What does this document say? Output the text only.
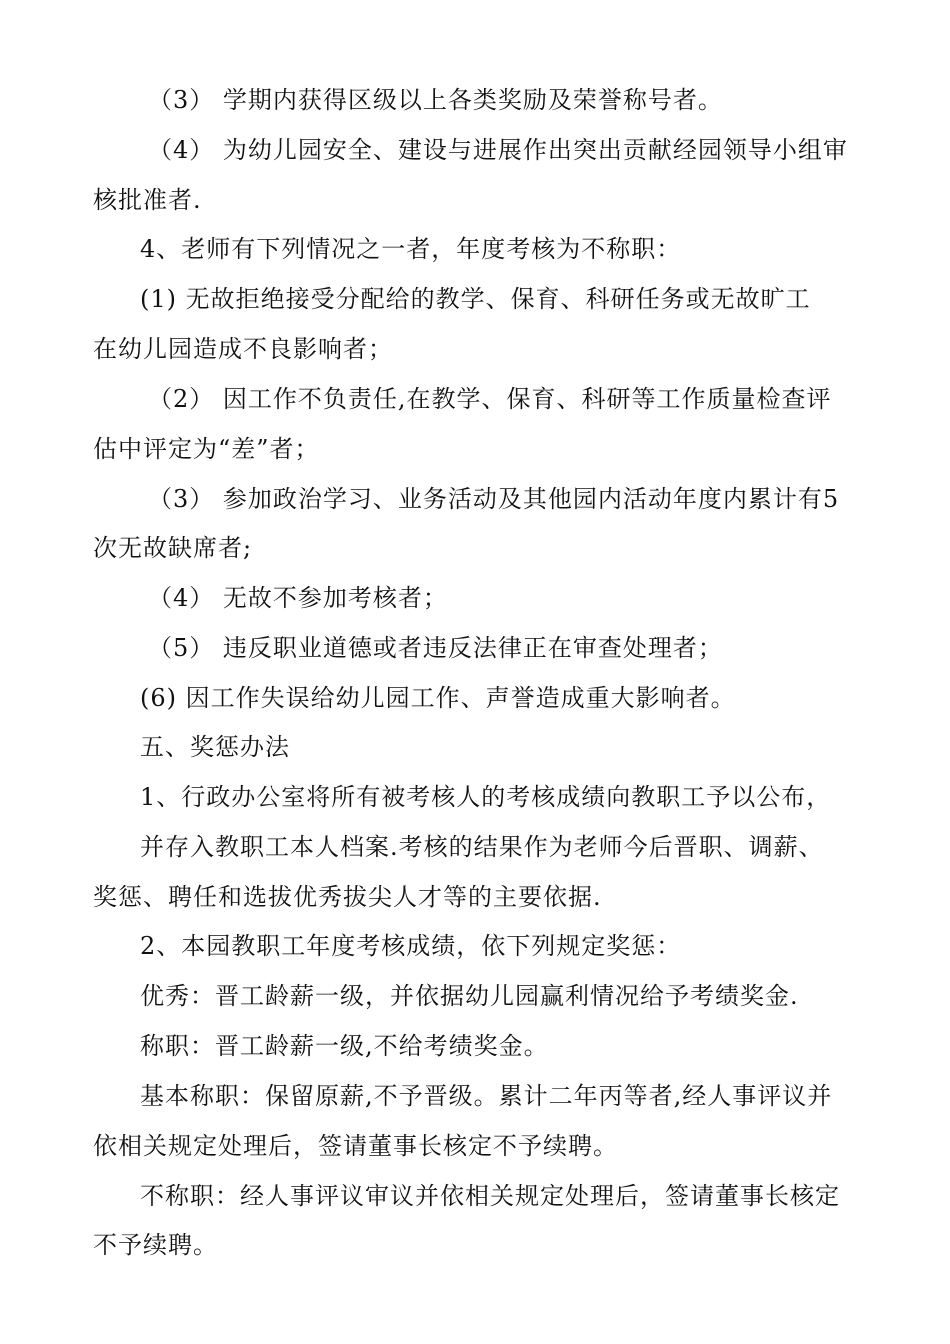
（3） 学期内获得区级以上各类奖励及荣誉称号者。
（4） 为幼儿园安全、建设与进展作出突出贡献经园领导小组审
核批准者.
4、老师有下列情况之一者，年度考核为不称职：
(1) 无故拒绝接受分配给的教学、保育、科研任务或无故旷工
在幼儿园造成不良影响者；
（2） 因工作不负责任,在教学、保育、科研等工作质量检查评
估中评定为“差”者；
（3） 参加政治学习、业务活动及其他园内活动年度内累计有5
次无故缺席者;
（4） 无故不参加考核者；
（5） 违反职业道德或者违反法律正在审查处理者；
(6) 因工作失误给幼儿园工作、声誉造成重大影响者。
五、奖惩办法
1、行政办公室将所有被考核人的考核成绩向教职工予以公布，
并存入教职工本人档案.考核的结果作为老师今后晋职、调薪、
奖惩、聘任和选拔优秀拔尖人才等的主要依据.
2、本园教职工年度考核成绩，依下列规定奖惩：
优秀：晋工龄薪一级，并依据幼儿园赢利情况给予考绩奖金.
称职：晋工龄薪一级,不给考绩奖金。
基本称职：保留原薪,不予晋级。累计二年丙等者,经人事评议并
依相关规定处理后，签请董事长核定不予续聘。
不称职：经人事评议审议并依相关规定处理后，签请董事长核定
不予续聘。
